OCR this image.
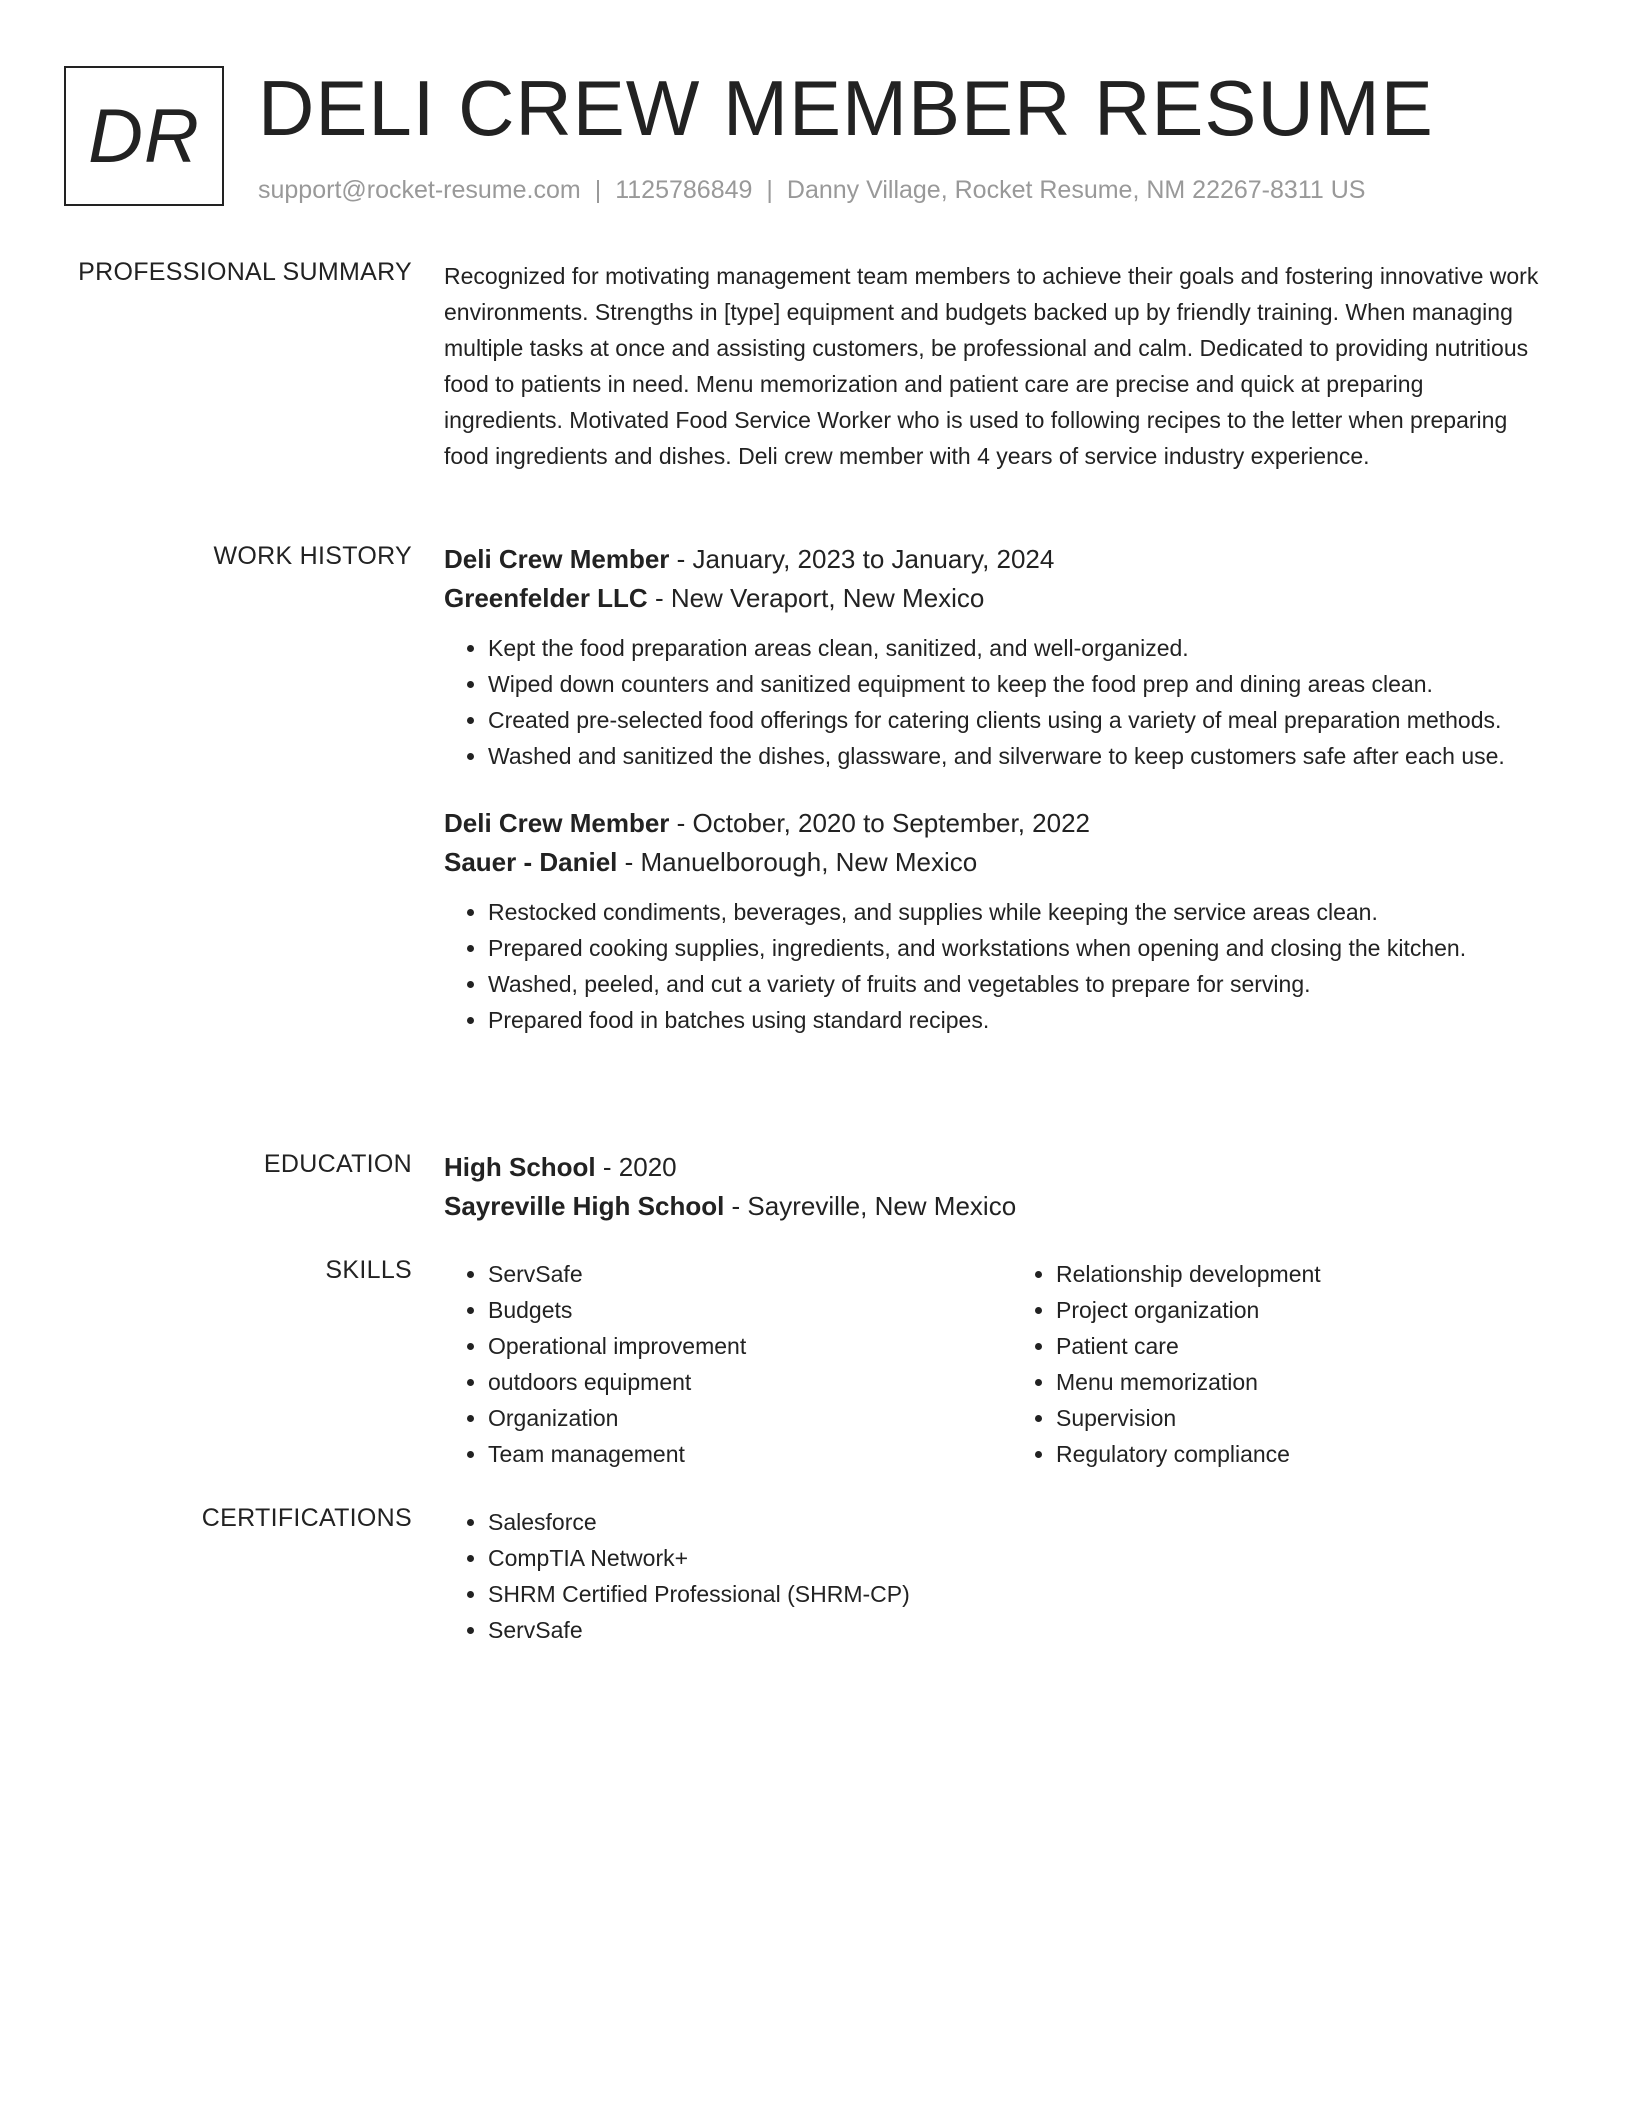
DR DELI CREW MEMBER RESUME
support@rocket-resume.com | 1125786849 | Danny Village, Rocket Resume, NM 22267-8311 US
PROFESSIONAL SUMMARY Recognized for motivating management team members to achieve their goals and fostering innovative work environments. Strengths in [type] equipment and budgets backed up by friendly training. When managing multiple tasks at once and assisting customers, be professional and calm. Dedicated to providing nutritious food to patients in need. Menu memorization and patient care are precise and quick at preparing ingredients. Motivated Food Service Worker who is used to following recipes to the letter when preparing food ingredients and dishes. Deli crew member with 4 years of service industry experience.

WORK HISTORY Deli Crew Member - January, 2023 to January, 2024
Greenfelder LLC - New Veraport, New Mexico
• Kept the food preparation areas clean, sanitized, and well-organized.
• Wiped down counters and sanitized equipment to keep the food prep and dining areas clean.
• Created pre-selected food offerings for catering clients using a variety of meal preparation methods.
• Washed and sanitized the dishes, glassware, and silverware to keep customers safe after each use.
Deli Crew Member - October, 2020 to September, 2022
Sauer - Daniel - Manuelborough, New Mexico
• Restocked condiments, beverages, and supplies while keeping the service areas clean.
• Prepared cooking supplies, ingredients, and workstations when opening and closing the kitchen.
• Washed, peeled, and cut a variety of fruits and vegetables to prepare for serving.
• Prepared food in batches using standard recipes.
EDUCATION High School - 2020
Sayreville High School - Sayreville, New Mexico
SKILLS	• ServSafe
• Budgets
• Operational improvement
• outdoors equipment
• Organization
• Team management
• Relationship development
• Project organization
• Patient care
• Menu memorization
• Supervision
• Regulatory compliance
CERTIFICATIONS	• Salesforce
• CompTIA Network+
• SHRM Certified Professional (SHRM-CP)
• ServSafe
